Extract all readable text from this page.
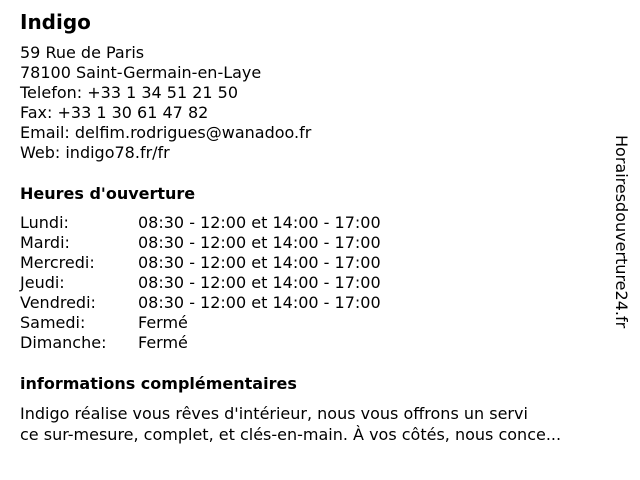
Indigo
59 Rue de Paris
78100 Saint-Germain-en-Laye
Telefon: +33 1 34 51 21 50
Fax: +33 1 30 61 47 82
Email: delfim.rodrigues@wanadoo.fr
Web: indigo78.fr/fr
Heures d'ouverture
Lundi:	08:30 - 12:00 et 14:00 - 17:00
Mardi:	08:30 - 12:00 et 14:00 - 17:00
Mercredi:	08:30 - 12:00 et 14:00 - 17:00
Jeudi:	08:30 - 12:00 et 14:00 - 17:00
Vendredi:	08:30 - 12:00 et 14:00 - 17:00
Samedi:	Fermé
Dimanche:	Fermé
informations complémentaires
Indigo réalise vous rêves d'intérieur, nous vous offrons un servi
ce sur-mesure, complet, et clés-en-main. À vos côtés, nous conce...
Horairesdouverture24.fr
